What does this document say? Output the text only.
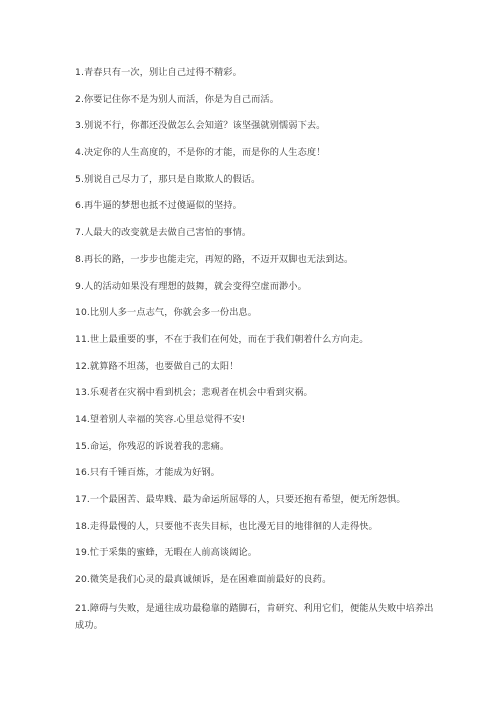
1.青春只有一次，别让自己过得不精彩。
2.你要记住你不是为别人而活，你是为自己而活。
3.别说不行，你都还没做怎么会知道？该坚强就别懦弱下去。
4.决定你的人生高度的，不是你的才能，而是你的人生态度！
5.别说自己尽力了，那只是自欺欺人的假话。
6.再牛逼的梦想也抵不过傻逼似的坚持。
7.人最大的改变就是去做自己害怕的事情。
8.再长的路，一步步也能走完，再短的路，不迈开双脚也无法到达。
9.人的活动如果没有理想的鼓舞，就会变得空虚而渺小。
10.比别人多一点志气，你就会多一份出息。
11.世上最重要的事，不在于我们在何处，而在于我们朝着什么方向走。
12.就算路不坦荡，也要做自己的太阳！
13.乐观者在灾祸中看到机会；悲观者在机会中看到灾祸。
14.望着别人幸福的笑容.心里总觉得不安!
15.命运，你残忍的诉说着我的悲痛。
16.只有千锤百炼，才能成为好钢。
17.一个最困苦、最卑贱、最为命运所屈辱的人，只要还抱有希望，便无所怨惧。
18.走得最慢的人，只要他不丧失目标，也比漫无目的地徘徊的人走得快。
19.忙于采集的蜜蜂，无暇在人前高谈阔论。
20.微笑是我们心灵的最真诚倾诉，是在困难面前最好的良药。
21.障碍与失败，是通往成功最稳靠的踏脚石，肯研究、利用它们，便能从失败中培养出成功。
